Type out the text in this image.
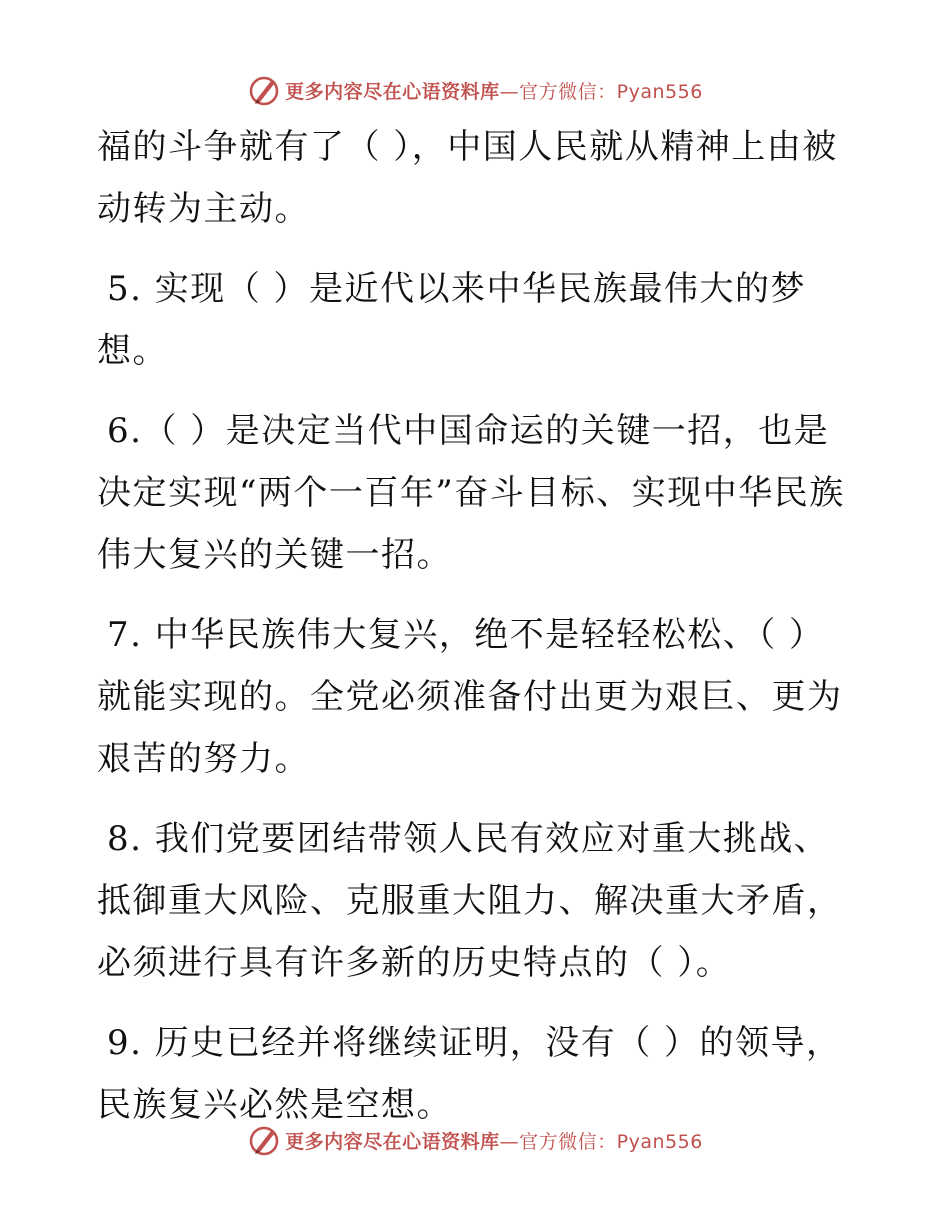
更多内容尽在心语资料库—官方微信：Pyan556

福的斗争就有了（ ），中国人民就从精神上由被动转为主动。

5. 实现（ ）是近代以来中华民族最伟大的梦想。

6.（ ）是决定当代中国命运的关键一招，也是决定实现“两个一百年”奋斗目标、实现中华民族伟大复兴的关键一招。

7. 中华民族伟大复兴，绝不是轻轻松松、（ ）就能实现的。全党必须准备付出更为艰巨、更为艰苦的努力。

8. 我们党要团结带领人民有效应对重大挑战、抵御重大风险、克服重大阻力、解决重大矛盾，必须进行具有许多新的历史特点的（ ）。

9. 历史已经并将继续证明，没有（ ）的领导，民族复兴必然是空想。

更多内容尽在心语资料库—官方微信：Pyan556
